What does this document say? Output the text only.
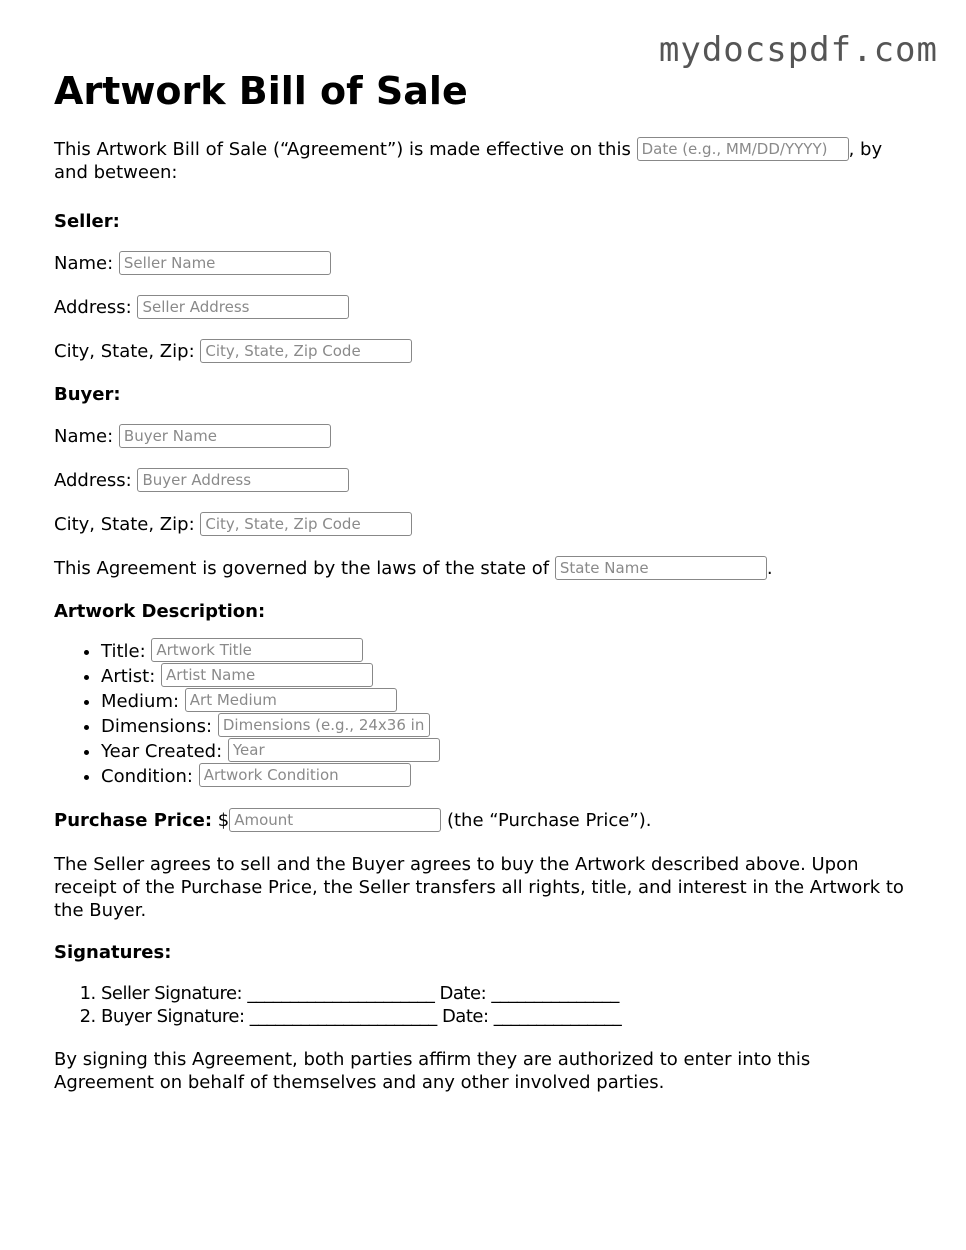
mydocspdf.com
Artwork Bill of Sale

This Artwork Bill of Sale (“Agreement”) is made effective on this Date (e.g., MM/DD/YYYY)	, by and between:

Seller:

Name: Seller Name

Address: Seller Address

City, State, Zip: City, State, Zip Code

Buyer:

Name: Buyer Name

Address: Buyer Address

City, State, Zip: City, State, Zip Code

This Agreement is governed by the laws of the state of State Name	.

Artwork Description:

• Title: Artwork Title
• Artist: Artist Name
• Medium: Art Medium
• Dimensions: Dimensions (e.g., 24x36 in)
• Year Created: Year
• Condition: Artwork Condition

Purchase Price: $Amount	(the “Purchase Price”).

The Seller agrees to sell and the Buyer agrees to buy the Artwork described above. Upon receipt of the Purchase Price, the Seller transfers all rights, title, and interest in the Artwork to the Buyer.

Signatures:

1. Seller Signature: ______________________ Date: _______________
2. Buyer Signature: ______________________ Date: _______________

By signing this Agreement, both parties affirm they are authorized to enter into this Agreement on behalf of themselves and any other involved parties.
